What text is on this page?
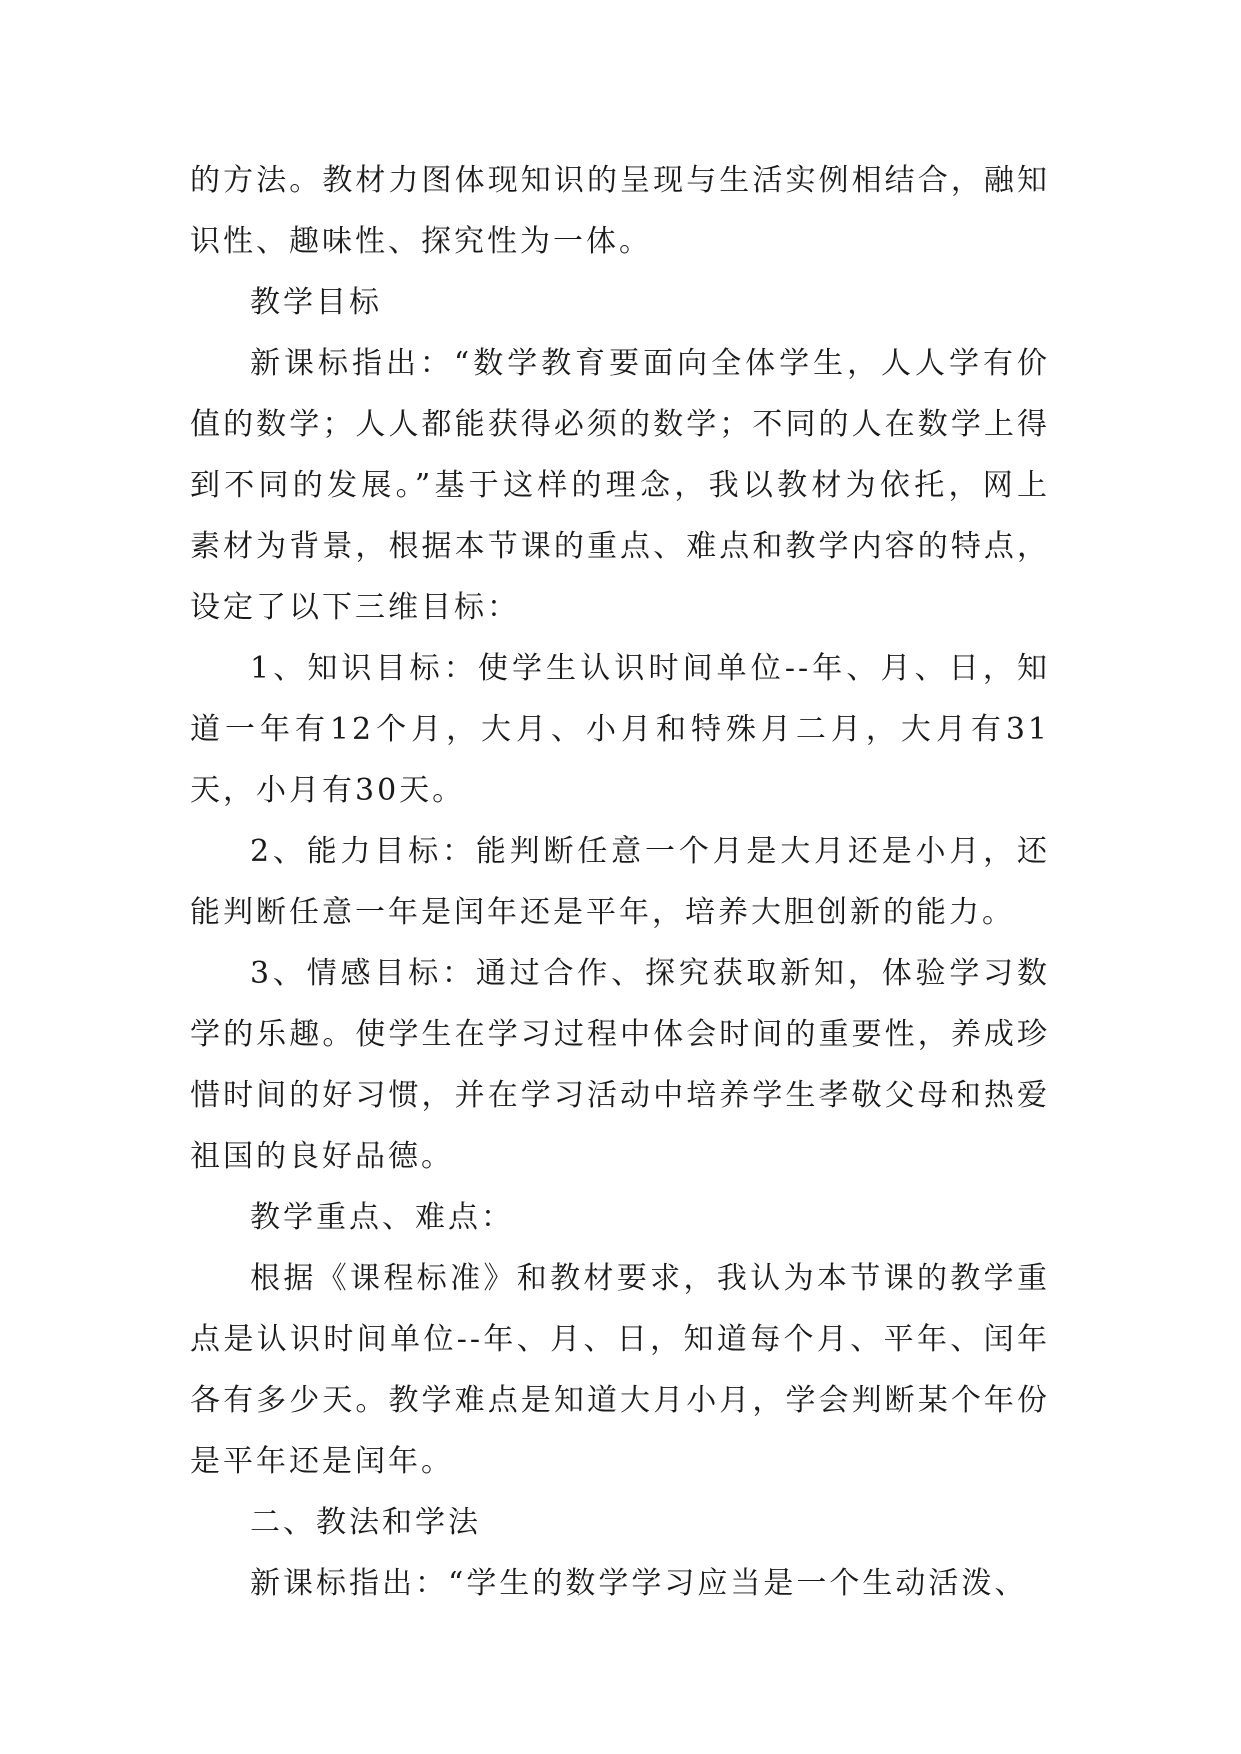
的方法。教材力图体现知识的呈现与生活实例相结合，融知识性、趣味性、探究性为一体。

教学目标

新课标指出：“数学教育要面向全体学生，人人学有价值的数学；人人都能获得必须的数学；不同的人在数学上得到不同的发展。”基于这样的理念，我以教材为依托，网上素材为背景，根据本节课的重点、难点和教学内容的特点，设定了以下三维目标：

1、知识目标：使学生认识时间单位--年、月、日，知道一年有12个月，大月、小月和特殊月二月，大月有31天，小月有30天。

2、能力目标：能判断任意一个月是大月还是小月，还能判断任意一年是闰年还是平年，培养大胆创新的能力。

3、情感目标：通过合作、探究获取新知，体验学习数学的乐趣。使学生在学习过程中体会时间的重要性，养成珍惜时间的好习惯，并在学习活动中培养学生孝敬父母和热爱祖国的良好品德。

教学重点、难点：

根据《课程标准》和教材要求，我认为本节课的教学重点是认识时间单位--年、月、日，知道每个月、平年、闰年各有多少天。教学难点是知道大月小月，学会判断某个年份是平年还是闰年。

二、教法和学法

新课标指出：“学生的数学学习应当是一个生动活泼、
